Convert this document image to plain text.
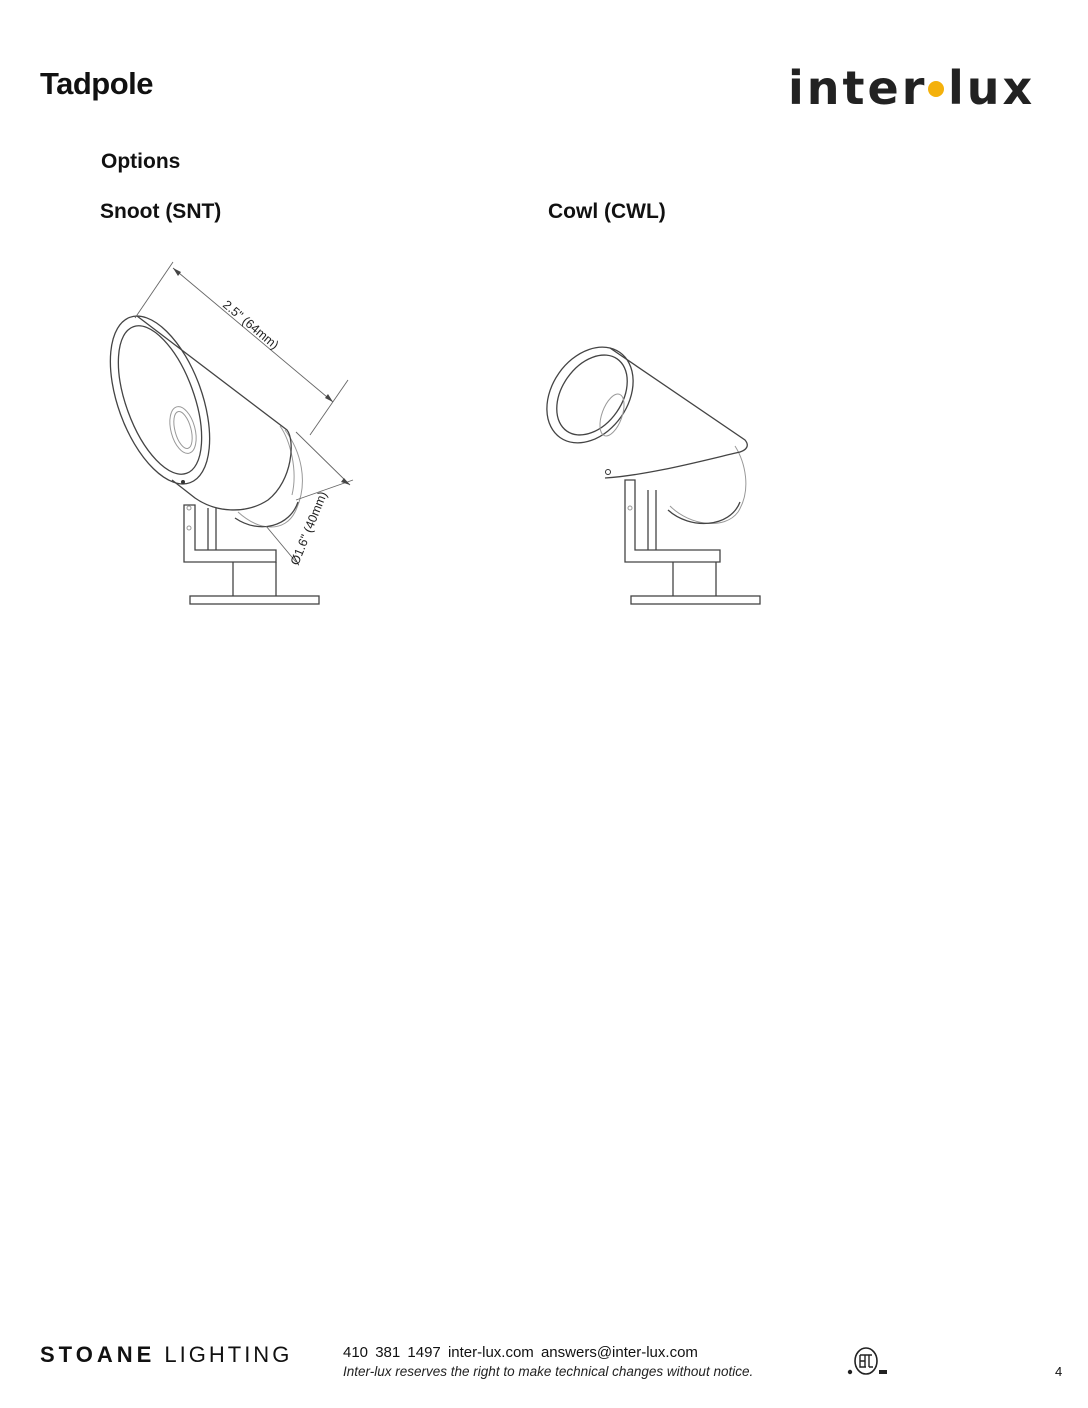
Tadpole	inter lux
Options
Snoot (SNT)	Cowl (CWL)
2.5" (64mm)
Ø1.6" (40mm)
STOANE LIGHTING	410 381 1497 inter-lux.com answers@inter-lux.com
Inter-lux reserves the right to make technical changes without notice.	4
